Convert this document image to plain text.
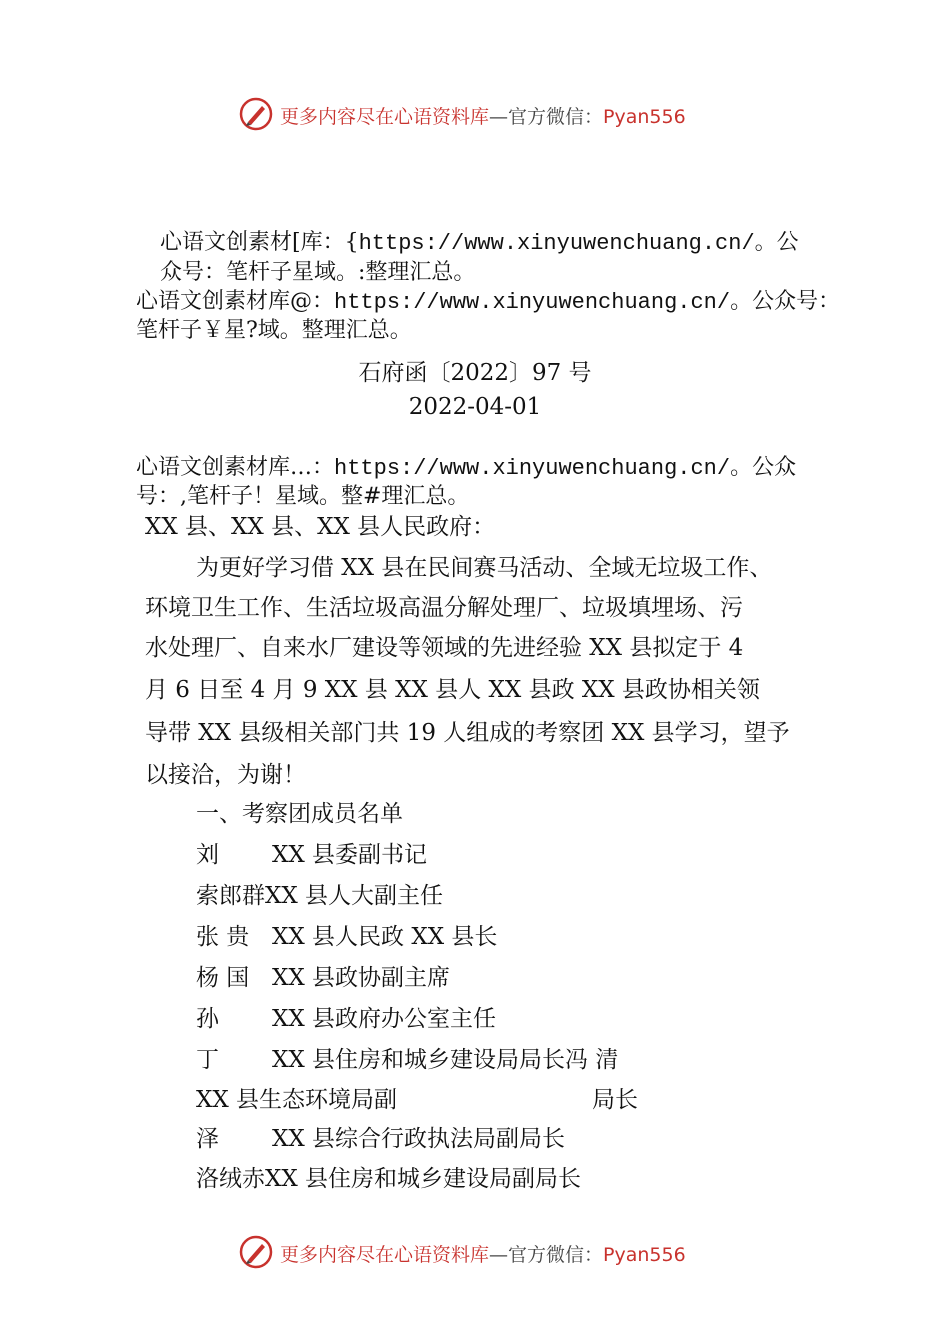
更多内容尽在心语资料库—官方微信：Pyan556
心语文创素材[库：{https://www.xinyuwenchuang.cn/。公
众号：笔杆子星域。:整理汇总。
心语文创素材库@：https://www.xinyuwenchuang.cn/。公众号：
笔杆子￥星?域。整理汇总。
石府函〔2022〕97 号
2022-04-01
心语文创素材库…：https://www.xinyuwenchuang.cn/。公众
号：,笔杆子！星域。整#理汇总。
XX 县、XX 县、XX 县人民政府：
为更好学习借 XX 县在民间赛马活动、全域无垃圾工作、
环境卫生工作、生活垃圾高温分解处理厂、垃圾填埋场、污
水处理厂、自来水厂建设等领域的先进经验 XX 县拟定于 4
月 6 日至 4 月 9 XX 县 XX 县人 XX 县政 XX 县政协相关领
导带 XX 县级相关部门共 19 人组成的考察团 XX 县学习，望予
以接洽，为谢！
一、考察团成员名单
刘 XX 县委副书记
索郎群XX 县人大副主任
张 贵 XX 县人民政 XX 县长
杨 国 XX 县政协副主席
孙 XX 县政府办公室主任
丁 XX 县住房和城乡建设局局长冯 清
XX 县生态环境局副	局长
泽 XX 县综合行政执法局副局长
洛绒赤XX 县住房和城乡建设局副局长
更多内容尽在心语资料库—官方微信：Pyan556
